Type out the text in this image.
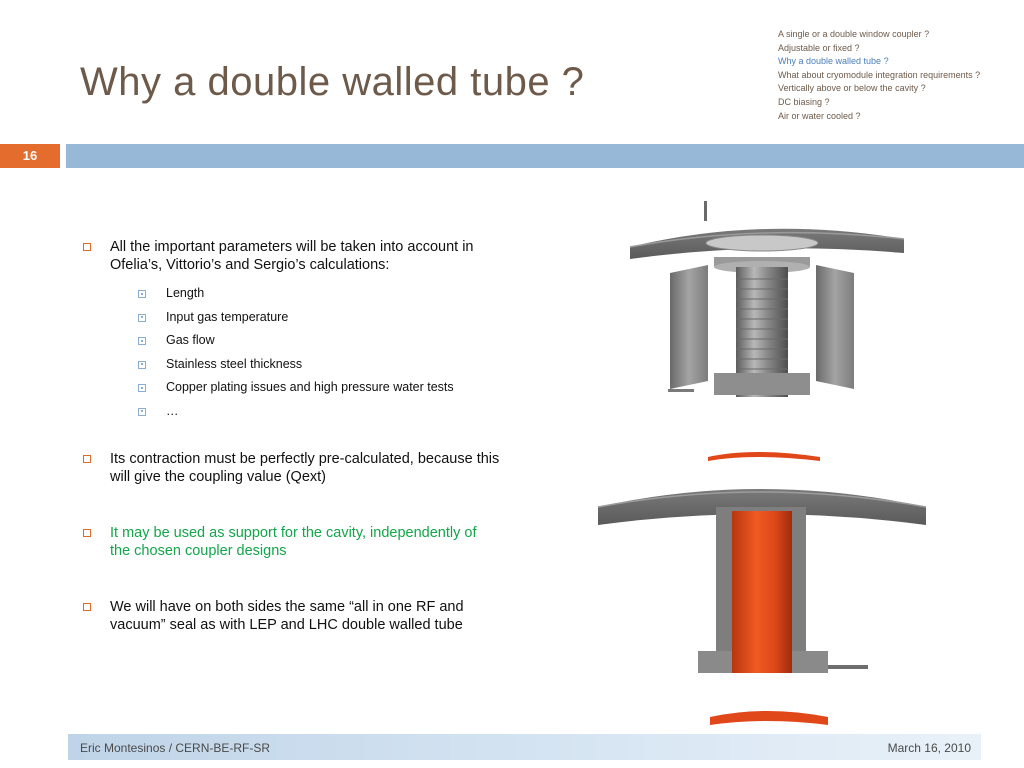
Why a double walled tube ?
A single or a double window coupler ?
Adjustable or fixed ?
Why a double walled tube ?
What about cryomodule integration requirements ?
Vertically above or below the cavity ?
DC biasing ?
Air or water cooled ?
16
All the important parameters will be taken into account in Ofelia’s, Vittorio’s and Sergio’s calculations:
Length
Input gas temperature
Gas flow
Stainless steel thickness
Copper plating issues and high pressure water tests
…
Its contraction must be perfectly pre-calculated, because this will give the coupling value (Qext)
It may be used as support for the cavity, independently of the chosen coupler designs
We will have on both sides the same “all in one RF and vacuum” seal as with LEP and LHC double walled tube
Eric Montesinos / CERN-BE-RF-SR	March 16, 2010
